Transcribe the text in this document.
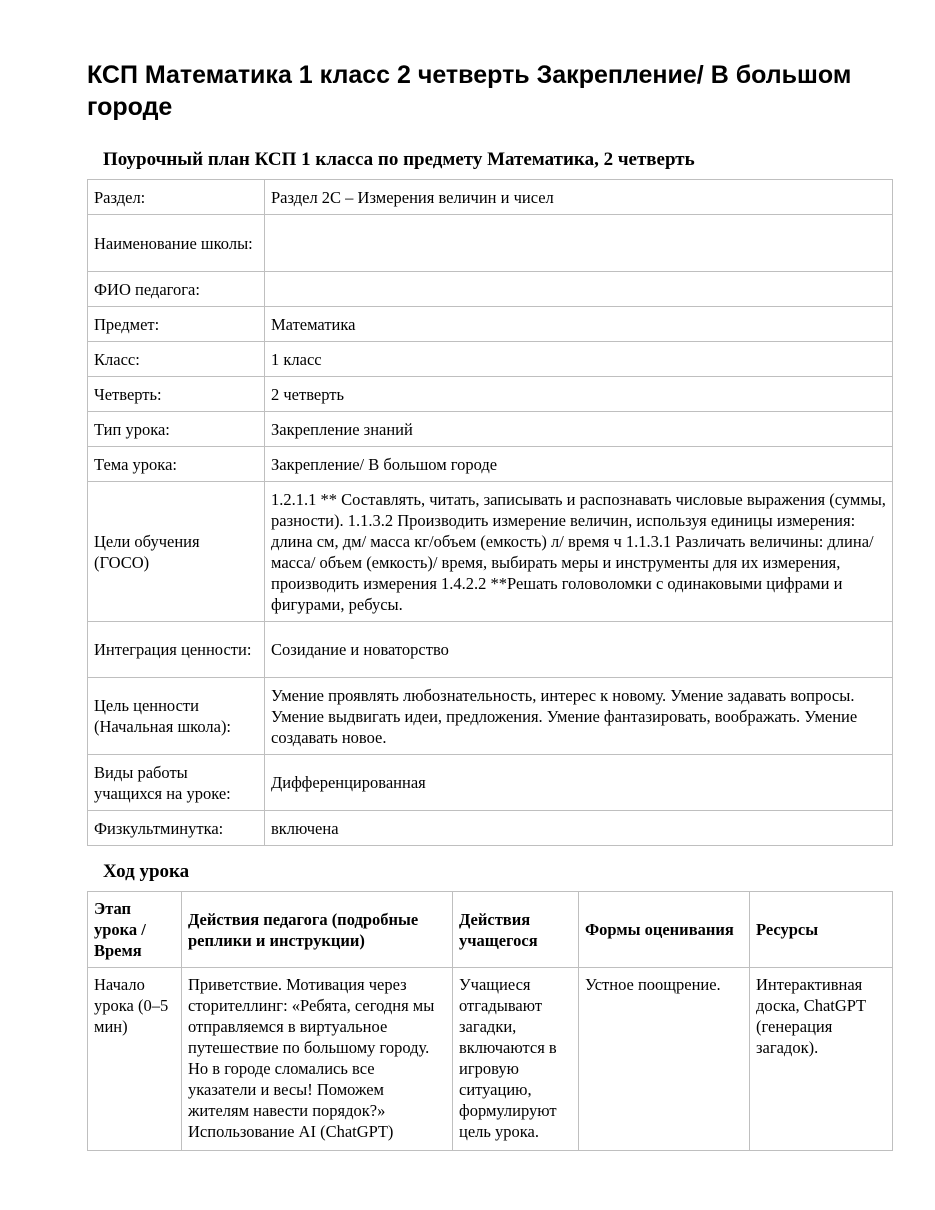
КСП Математика 1 класс 2 четверть Закрепление/ В большом городе

Поурочный план КСП 1 класса по предмету Математика, 2 четверть

Раздел:	Раздел 2С – Измерения величин и чисел
Наименование школы:	
ФИО педагога:	
Предмет:	Математика
Класс:	1 класс
Четверть:	2 четверть
Тип урока:	Закрепление знаний
Тема урока:	Закрепление/ В большом городе
Цели обучения (ГОСО)	1.2.1.1 ** Составлять, читать, записывать и распознавать числовые выражения (суммы, разности). 1.1.3.2 Производить измерение величин, используя единицы измерения: длина см, дм/ масса кг/объем (емкость) л/ время ч 1.1.3.1 Различать величины: длина/масса/ объем (емкость)/ время, выбирать меры и инструменты для их измерения, производить измерения 1.4.2.2 **Решать головоломки с одинаковыми цифрами и фигурами, ребусы.
Интеграция ценности:	Созидание и новаторство
Цель ценности (Начальная школа):	Умение проявлять любознательность, интерес к новому. Умение задавать вопросы. Умение выдвигать идеи, предложения. Умение фантазировать, воображать. Умение создавать новое.
Виды работы учащихся на уроке:	Дифференцированная
Физкультминутка:	включена

Ход урока

Этап урока / Время	Действия педагога (подробные реплики и инструкции)	Действия учащегося	Формы оценивания	Ресурсы
Начало урока (0–5 мин)	Приветствие. Мотивация через сторителлинг: «Ребята, сегодня мы отправляемся в виртуальное путешествие по большому городу. Но в городе сломались все указатели и весы! Поможем жителям навести порядок?» Использование AI (ChatGPT)	Учащиеся отгадывают загадки, включаются в игровую ситуацию, формулируют цель урока.	Устное поощрение.	Интерактивная доска, ChatGPT (генерация загадок).
